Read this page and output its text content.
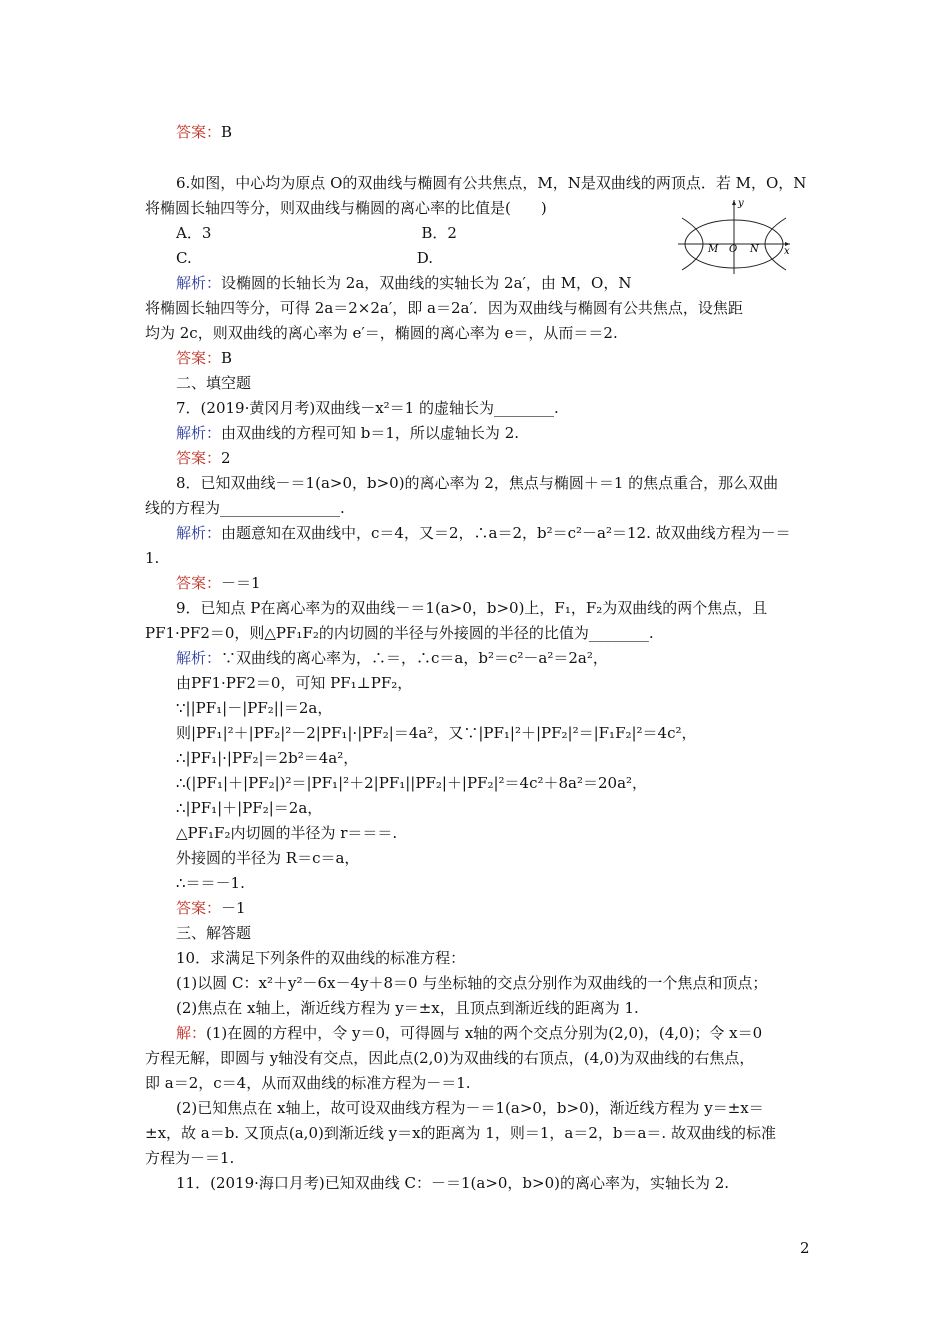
答案：B
6.如图，中心均为原点 O的双曲线与椭圆有公共焦点，M，N是双曲线的两顶点．若 M，O，N
将椭圆长轴四等分，则双曲线与椭圆的离心率的比值是(　　)
A．3　　　　　　　　　　　　　　B．2
C.　　　　　　　　　　　　　　　D.
解析：设椭圆的长轴长为 2a，双曲线的实轴长为 2a′，由 M，O，N
将椭圆长轴四等分，可得 2a＝2×2a′，即 a＝2a′．因为双曲线与椭圆有公共焦点，设焦距
均为 2c，则双曲线的离心率为 e′＝，椭圆的离心率为 e＝，从而＝＝2.
答案：B
二、填空题
7．(2019·黄冈月考)双曲线－x²＝1 的虚轴长为________.
解析：由双曲线的方程可知 b＝1，所以虚轴长为 2.
答案：2
8．已知双曲线－＝1(a>0，b>0)的离心率为 2，焦点与椭圆＋＝1 的焦点重合，那么双曲
线的方程为________________.
解析：由题意知在双曲线中，c＝4，又＝2，∴a＝2，b²＝c²－a²＝12. 故双曲线方程为－＝
1.
答案：－＝1
9．已知点 P在离心率为的双曲线－＝1(a>0，b>0)上，F₁，F₂为双曲线的两个焦点，且
PF1·PF2＝0，则△PF₁F₂的内切圆的半径与外接圆的半径的比值为________.
解析：∵双曲线的离心率为，∴＝，∴c＝a，b²＝c²－a²＝2a²，
由PF1·PF2＝0，可知 PF₁⊥PF₂，
∵||PF₁|－|PF₂||＝2a，
则|PF₁|²＋|PF₂|²－2|PF₁|·|PF₂|＝4a²，又∵|PF₁|²＋|PF₂|²＝|F₁F₂|²＝4c²，
∴|PF₁|·|PF₂|＝2b²＝4a²，
∴(|PF₁|＋|PF₂|)²＝|PF₁|²＋2|PF₁||PF₂|＋|PF₂|²＝4c²＋8a²＝20a²，
∴|PF₁|＋|PF₂|＝2a，
△PF₁F₂内切圆的半径为 r＝＝＝.
外接圆的半径为 R＝c＝a，
∴＝＝－1.
答案：－1
三、解答题
10．求满足下列条件的双曲线的标准方程：
(1)以圆 C：x²＋y²－6x－4y＋8＝0 与坐标轴的交点分别作为双曲线的一个焦点和顶点；
(2)焦点在 x轴上，渐近线方程为 y＝±x，且顶点到渐近线的距离为 1.
解：(1)在圆的方程中，令 y＝0，可得圆与 x轴的两个交点分别为(2,0)，(4,0)；令 x＝0
方程无解，即圆与 y轴没有交点，因此点(2,0)为双曲线的右顶点，(4,0)为双曲线的右焦点，
即 a＝2，c＝4，从而双曲线的标准方程为－＝1.
(2)已知焦点在 x轴上，故可设双曲线方程为－＝1(a>0，b>0)，渐近线方程为 y＝±x＝
±x，故 a＝b. 又顶点(a,0)到渐近线 y＝x的距离为 1，则＝1，a＝2，b＝a＝. 故双曲线的标准
方程为－＝1.
11．(2019·海口月考)已知双曲线 C：－＝1(a>0，b>0)的离心率为，实轴长为 2.
y
x
M O N
2
